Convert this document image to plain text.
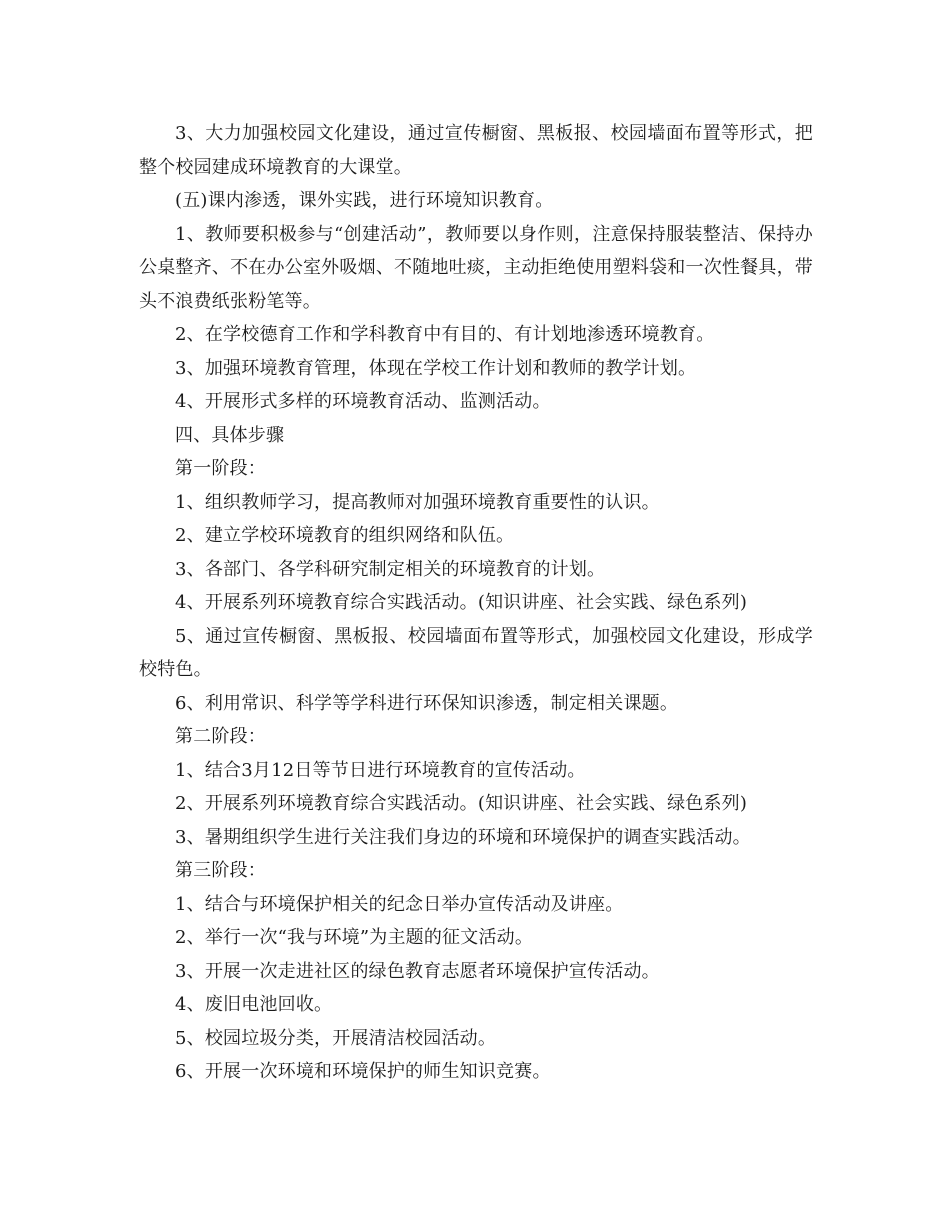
3、大力加强校园文化建设，通过宣传橱窗、黑板报、校园墙面布置等形式，把整个校园建成环境教育的大课堂。

(五)课内渗透，课外实践，进行环境知识教育。

1、教师要积极参与“创建活动”，教师要以身作则，注意保持服装整洁、保持办公桌整齐、不在办公室外吸烟、不随地吐痰，主动拒绝使用塑料袋和一次性餐具，带头不浪费纸张粉笔等。

2、在学校德育工作和学科教育中有目的、有计划地渗透环境教育。

3、加强环境教育管理，体现在学校工作计划和教师的教学计划。

4、开展形式多样的环境教育活动、监测活动。

四、具体步骤

第一阶段：

1、组织教师学习，提高教师对加强环境教育重要性的认识。

2、建立学校环境教育的组织网络和队伍。

3、各部门、各学科研究制定相关的环境教育的计划。

4、开展系列环境教育综合实践活动。(知识讲座、社会实践、绿色系列)

5、通过宣传橱窗、黑板报、校园墙面布置等形式，加强校园文化建设，形成学校特色。

6、利用常识、科学等学科进行环保知识渗透，制定相关课题。

第二阶段：

1、结合3月12日等节日进行环境教育的宣传活动。

2、开展系列环境教育综合实践活动。(知识讲座、社会实践、绿色系列)

3、暑期组织学生进行关注我们身边的环境和环境保护的调查实践活动。

第三阶段：

1、结合与环境保护相关的纪念日举办宣传活动及讲座。

2、举行一次“我与环境”为主题的征文活动。

3、开展一次走进社区的绿色教育志愿者环境保护宣传活动。

4、废旧电池回收。

5、校园垃圾分类，开展清洁校园活动。

6、开展一次环境和环境保护的师生知识竞赛。
